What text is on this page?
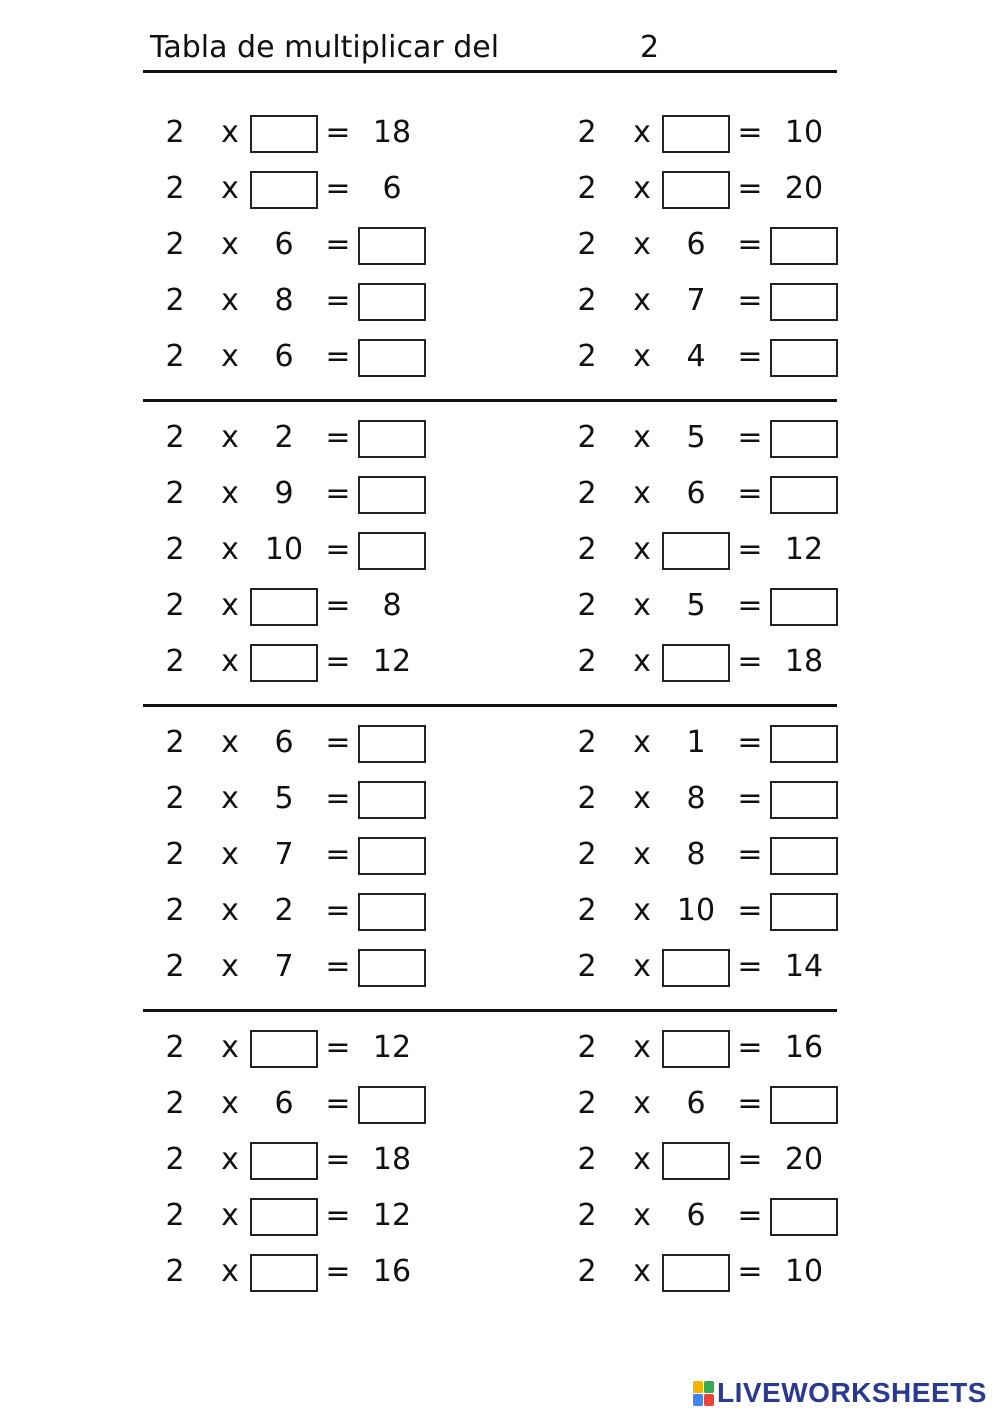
Tabla de multiplicar del	2
2	x	= 18
2	x	=	6
2	x	6	=
2	x	8	=
2	x	6	=
2	x	= 10
2	x	= 20
2	x	6	=
2	x	7	=
2	x	4	=
2	x	2	=
2	x	9	=
2	x 10 =
2	x	=	8
2	x	= 12
2	x	5	=
2	x	6	=
2	x	= 12
2	x	5	=
2	x	= 18
2	x	6	=
2	x	5	=
2	x	7	=
2	x	2	=
2	x	7	=
2	x	1	=
2	x	8	=
2	x	8	=
2	x 10 =
2	x	= 14
2	x	= 12
2	x	6	=
2	x	= 18
2	x	= 12
2	x	= 16
2	x	= 16
2	x	6	=
2	x	= 20
2	x	6	=
2	x	= 10
LIVEWORKSHEETS
